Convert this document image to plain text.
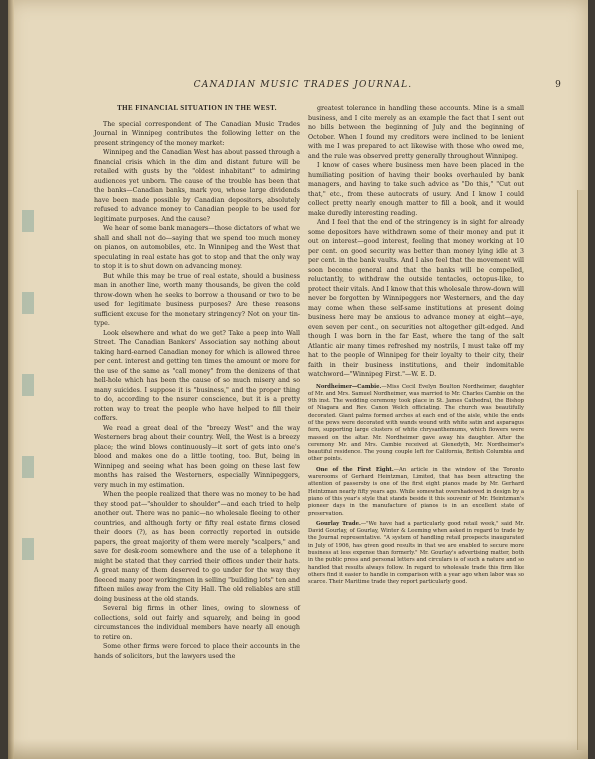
CANADIAN MUSIC TRADES JOURNAL.	9
THE FINANCIAL SITUATION IN THE WEST.

The special correspondent of The Canadian Music Trades Journal in Winnipeg contributes the following letter on the present stringency of the money market:

Winnipeg and the Canadian West has about passed through a financial crisis which in the dim and distant future will be retailed with gusts by the "oldest inhabitant" to admiring audiences yet unborn. The cause of the trouble has been that the banks—Canadian banks, mark you, whose large dividends have been made possible by Canadian depositors, absolutely refused to advance money to Canadian people to be used for legitimate purposes. And the cause?

We hear of some bank managers—those dictators of what we shall and shall not do—saying that we spend too much money on pianos, on automobiles, etc. In Winnipeg and the West that speculating in real estate has got to stop and that the only way to stop it is to shut down on advancing money.

But while this may be true of real estate, should a business man in another line, worth many thousands, be given the cold throw-down when he seeks to borrow a thousand or two to be used for legitimate business purposes? Are these reasons sufficient excuse for the monetary stringency? Not on your tin-type.

Look elsewhere and what do we get? Take a peep into Wall Street. The Canadian Bankers' Association say nothing about taking hard-earned Canadian money for which is allowed three per cent. interest and getting ten times the amount or more for the use of the same as "call money" from the denizens of that hell-hole which has been the cause of so much misery and so many suicides. I suppose it is "business," and the proper thing to do, according to the nsurer conscience, but it is a pretty rotten way to treat the people who have helped to fill their coffers.

We read a great deal of the "breezy West" and the way Westerners brag about their country. Well, the West is a breezy place; the wind blows continuously—it sort of gets into one's blood and makes one do a little tooting, too. But, being in Winnipeg and seeing what has been going on these last few months has raised the Westerners, especially Winnipeggers, very much in my estimation.

When the people realized that there was no money to be had they stood pat—"shoulder to shoulder"—and each tried to help another out. There was no panic—no wholesale fleeing to other countries, and although forty or fifty real estate firms closed their doors (?), as has been correctly reported in outside papers, the great majority of them were merely "scalpers," and save for desk-room somewhere and the use of a telephone it might be stated that they carried their offices under their hats. A great many of them deserved to go under for the way they fleeced many poor workingmen in selling "building lots" ten and fifteen miles away from the City Hall. The old reliables are still doing business at the old stands.

Several big firms in other lines, owing to slowness of collections, sold out fairly and squarely, and being in good circumstances the individual members have nearly all enough to retire on.

Some other firms were forced to place their accounts in the hands of solicitors, but the lawyers used the

greatest tolerance in handling these accounts. Mine is a small business, and I cite merely as an example the fact that I sent out no bills between the beginning of July and the beginning of October. When I found my creditors were inclined to be lenient with me I was prepared to act likewise with those who owed me, and the rule was observed pretty generally throughout Winnipeg.

I know of cases where business men have been placed in the humiliating position of having their books overhauled by bank managers, and having to take such advice as "Do this," "Cut out that," etc., from these autocrats of usury. And I know I could collect pretty nearly enough matter to fill a book, and it would make duredly interesting reading.

And I feel that the end of the stringency is in sight for already some depositors have withdrawn some of their money and put it out on interest—good interest, feeling that money working at 10 per cent. on good security was better than money lying idle at 3 per cent. in the bank vaults. And I also feel that the movement will soon become general and that the banks will be compelled, reluctantly, to withdraw the outside tentacles, octopus-like, to protect their vitals. And I know that this wholesale throw-down will never be forgotten by Winnipeggers nor Westerners, and the day may come when these self-same institutions at present doing business here may be anxious to advance money at eight—aye, even seven per cent., on securities not altogether gilt-edged. And though I was born in the far East, where the tang of the salt Atlantic air many times refreshed my nostrils, I must take off my hat to the people of Winnipeg for their loyalty to their city, their faith in their business institutions, and their indomitable watchword—"Winnipeg First."—W. E. D.

Nordheimer—Cambie.—Miss Cecil Evelyn Boulton Nordheimer, daughter of Mr. and Mrs. Samuel Nordheimer, was married to Mr. Charles Cambie on the 9th inst. The wedding ceremony took place in St. James Cathedral, the Bishop of Niagara and Rev. Canon Welch officiating. The church was beautifully decorated. Giant palms formed arches at each end of the aisle, while the ends of the pews were decorated with wands wound with white satin and asparagus fern, supporting large clusters of white chrysanthemums, which flowers were massed on the altar. Mr. Nordheimer gave away his daughter. After the ceremony Mr. and Mrs. Cambie received at Glenedyth, Mr. Nordheimer's beautiful residence. The young couple left for California, British Columbia and other points.

One of the First Eight.—An article in the window of the Toronto warerooms of Gerhard Heintzman, Limited, that has been attracting the attention of passersby is one of the first eight pianos made by Mr. Gerhard Heintzman nearly fifty years ago. While somewhat overshadowed in design by a piano of this year's style that stands beside it this souvenir of Mr. Heintzman's pioneer days in the manufacture of pianos is in an excellent state of preservation.

Gourlay Trade.—"We have had a particularly good retail week," said Mr. David Gourlay, of Gourlay, Winter & Leeming when asked in regard to trade by the Journal representative. "A system of handling retail prospects inaugurated in July of 1906, has given good results in that we are enabled to secure more business at less expense than formerly." Mr. Gourlay's advertising matter, both in the public press and personal letters and circulars is of such a nature and so handled that results always follow. In regard to wholesale trade this firm like others find it easier to handle in comparison with a year ago when labor was so scarce. Their Maritime trade they report particularly good.
